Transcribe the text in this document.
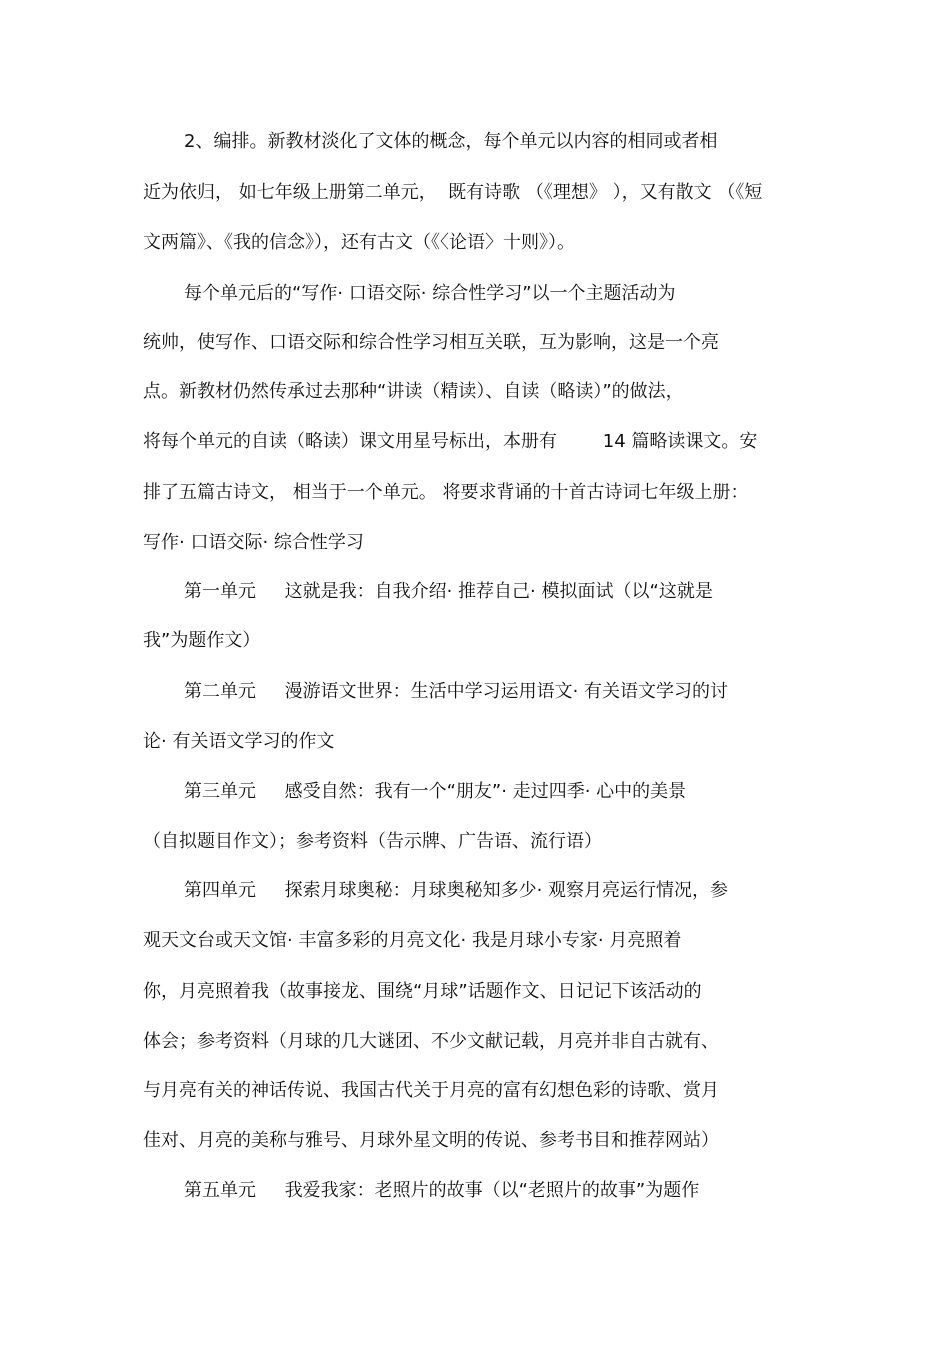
2、编排。新教材淡化了文体的概念，每个单元以内容的相同或者相
近为依归， 如七年级上册第二单元，  既有诗歌 （《理想》 ），又有散文 （《短
文两篇》、《我的信念》），还有古文（《〈论语〉十则》）。
每个单元后的“写作· 口语交际· 综合性学习”以一个主题活动为
统帅，使写作、口语交际和综合性学习相互关联，互为影响，这是一个亮
点。新教材仍然传承过去那种“讲读（精读）、自读（略读）”的做法，
将每个单元的自读（略读）课文用星号标出，本册有        14 篇略读课文。安
排了五篇古诗文， 相当于一个单元。 将要求背诵的十首古诗词七年级上册：
写作· 口语交际· 综合性学习
第一单元     这就是我：自我介绍· 推荐自己· 模拟面试（以“这就是
我”为题作文）
第二单元     漫游语文世界：生活中学习运用语文· 有关语文学习的讨
论· 有关语文学习的作文
第三单元     感受自然：我有一个“朋友”· 走过四季· 心中的美景
（自拟题目作文）；参考资料（告示牌、广告语、流行语）
第四单元     探索月球奥秘：月球奥秘知多少· 观察月亮运行情况，参
观天文台或天文馆· 丰富多彩的月亮文化· 我是月球小专家· 月亮照着
你，月亮照着我（故事接龙、围绕“月球”话题作文、日记记下该活动的
体会；参考资料（月球的几大谜团、不少文献记载，月亮并非自古就有、
与月亮有关的神话传说、我国古代关于月亮的富有幻想色彩的诗歌、赏月
佳对、月亮的美称与雅号、月球外星文明的传说、参考书目和推荐网站）
第五单元     我爱我家：老照片的故事（以“老照片的故事”为题作
